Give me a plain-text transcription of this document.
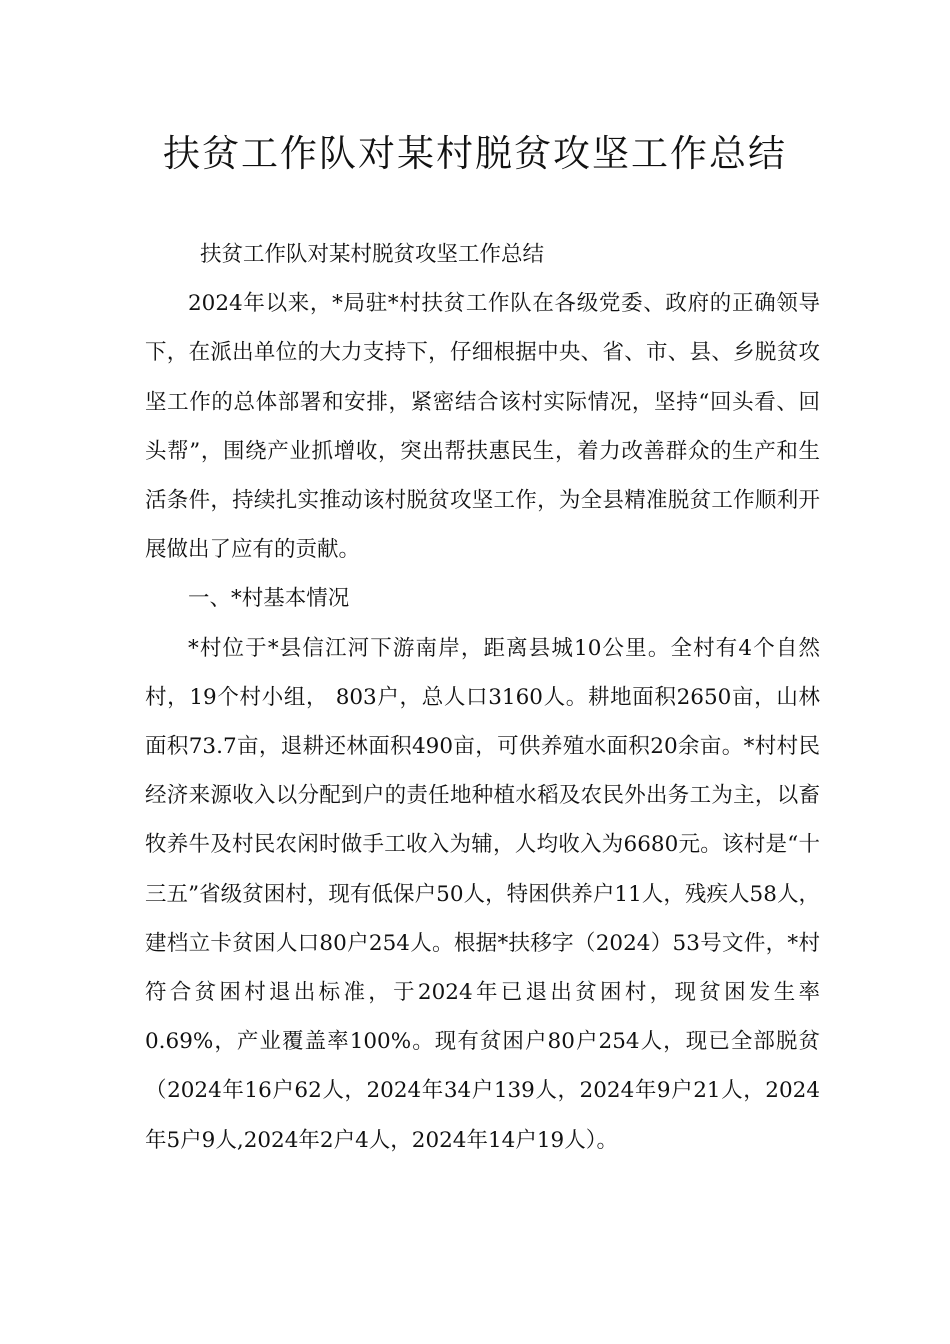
扶贫工作队对某村脱贫攻坚工作总结

扶贫工作队对某村脱贫攻坚工作总结

2024年以来，*局驻*村扶贫工作队在各级党委、政府的正确领导下，在派出单位的大力支持下，仔细根据中央、省、市、县、乡脱贫攻坚工作的总体部署和安排，紧密结合该村实际情况，坚持“回头看、回头帮”，围绕产业抓增收，突出帮扶惠民生，着力改善群众的生产和生活条件，持续扎实推动该村脱贫攻坚工作，为全县精准脱贫工作顺利开展做出了应有的贡献。

一、*村基本情况

*村位于*县信江河下游南岸，距离县城10公里。全村有4个自然村，19个村小组， 803户，总人口3160人。耕地面积2650亩，山林面积73.7亩，退耕还林面积490亩，可供养殖水面积20余亩。*村村民经济来源收入以分配到户的责任地种植水稻及农民外出务工为主，以畜牧养牛及村民农闲时做手工收入为辅，人均收入为6680元。该村是“十三五”省级贫困村，现有低保户50人，特困供养户11人，残疾人58人，建档立卡贫困人口80户254人。根据*扶移字（2024）53号文件，*村符合贫困村退出标准，于2024年已退出贫困村，现贫困发生率0.69%，产业覆盖率100%。现有贫困户80户254人，现已全部脱贫（2024年16户62人，2024年34户139人，2024年9户21人，2024年5户9人,2024年2户4人，2024年14户19人）。
